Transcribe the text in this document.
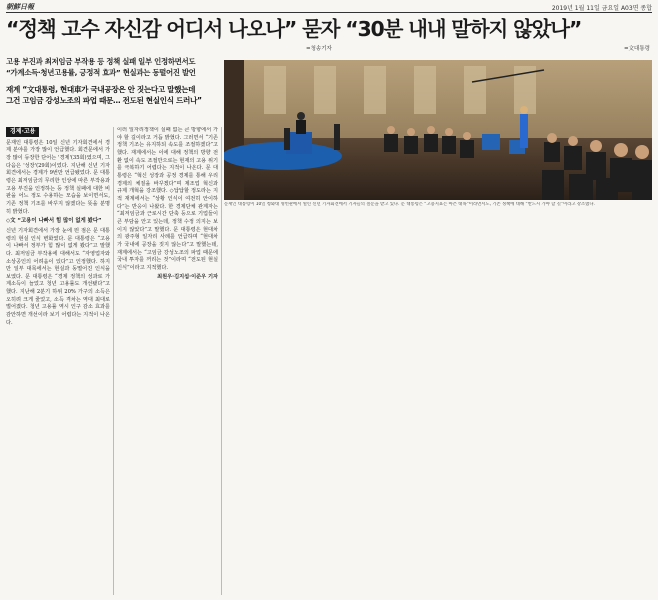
朝鮮日報	2019년 1월 11일 금요일 A03면 종합
“정책 고수 자신감 어디서 나오나” 묻자 “30분 내내 말하지 않았나”
=청송기자	=文대통령
고용 부진과 최저임금 부작용 등 정책 실패 일부 인정하면서도
“가계소득·청년고용률, 긍정적 효과” 현실과는 동떨어진 발언
재계 “文대통령, 현대車가 국내공장은 안 짓는다고 말했는데
그건 고임금 강성노조의 파업 때문… 전도된 현실인식 드러나”
문재인 대통령이 10일 청와대 영빈관에서 열린 신년 기자회견에서 기자들의 질문을 받고 있다. 문 대통령은 “고용지표는 아픈 대목”이라면서도, 기존 정책에 대해 “반드시 가야 할 길”이라고 강조했다.
경제·고용

문재인 대통령은 10일 신년 기자회견에서 경제 분야를 가장 많이 언급했다. 회견문에서 가장 많이 등장한 단어는 '경제'(35회)였으며, 그다음은 '성장'(29회)이었다. 지난해 신년 기자회견에서는 경제가 9번만 언급됐었다. 문 대통령은 최저임금의 무리한 인상에 따른 부작용과 고용 부진을 인정하는 등 정책 실패에 대한 비판을 어느 정도 수용하는 모습을 보이면서도, 기존 정책 기조를 바꾸지 않겠다는 뜻을 분명히 밝혔다.

◇文 “고용이 나빠서 힘 많이 없게 봤다”

신년 기자회견에서 가장 눈에 띈 점은 문 대통령의 현실 인식 변화였다. 문 대통령은 “고용이 나빠서 정부가 힘 많이 없게 봤다”고 말했다. 최저임금 부작용에 대해서도 “자영업자와 소상공인의 어려움이 있다”고 인정했다. 하지만 일부 대목에서는 현실과 동떨어진 인식을 보였다. 문 대통령은 “경제 정책의 성과로 가계소득이 늘었고 청년 고용률도 개선됐다”고 했다. 지난해 2분기 하위 20% 가구의 소득은 오히려 크게 줄었고, 소득 격차는 역대 최대로 벌어졌다. 청년 고용률 역시 인구 감소 효과를 감안하면 개선이라 보기 어렵다는 지적이 나온다.

이러 일자리정책이 실패 없는 큰 방향에서 가야 할 길이라고 거듭 밝혔다. 그러면서 “기존 정책 기조는 유지하되 속도를 조절하겠다”고 했다. 재계에서는 이에 대해 정책의 방향 전환 없이 속도 조절만으로는 현재의 고용 위기를 극복하기 어렵다는 지적이 나온다. 문 대통령은 “혁신 성장과 공정 경제를 통해 우리 경제의 체질을 바꾸겠다”며 제조업 혁신과 규제 개혁을 강조했다. ◇답답할 정도라는 지적 재계에서는 “상황 인식이 여전히 안이하다”는 반응이 나왔다. 한 경제단체 관계자는 “최저임금과 근로시간 단축 등으로 기업들이 큰 부담을 안고 있는데, 정책 수정 의지는 보이지 않았다”고 말했다. 문 대통령은 현대차의 광주형 일자리 사례를 언급하며 “현대차가 국내에 공장을 짓지 않는다”고 말했는데, 재계에서는 “고임금 강성노조의 파업 때문에 국내 투자를 꺼리는 것”이라며 “전도된 현실 인식”이라고 지적했다.

최원우·김지섭·이준우 기자
